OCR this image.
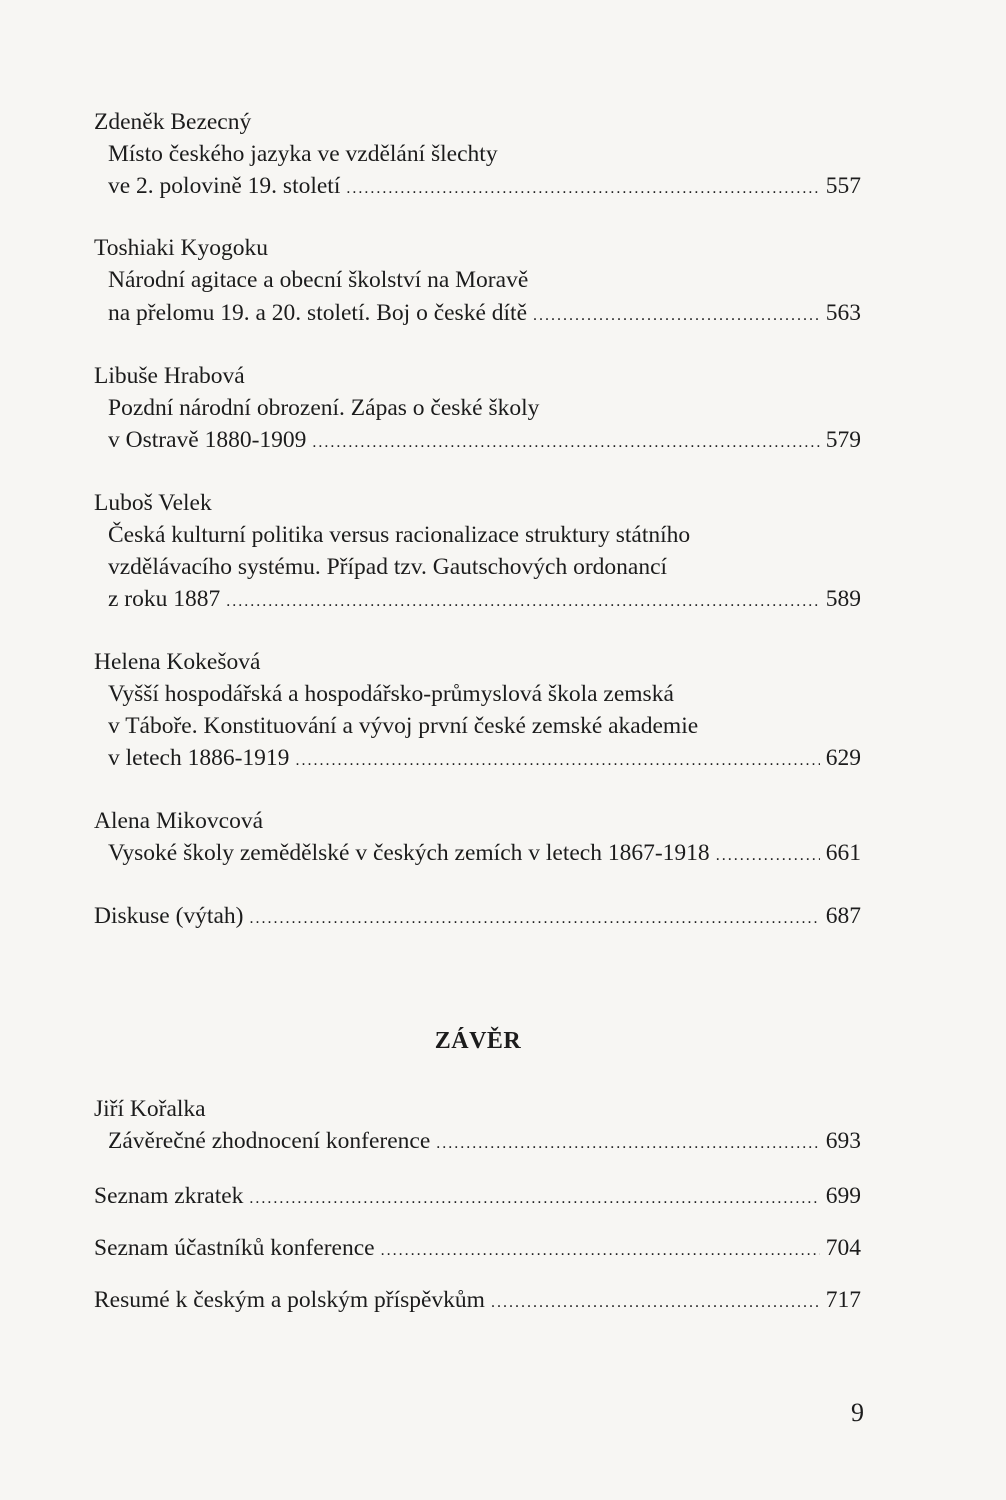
Zdeněk Bezecný
Místo českého jazyka ve vzdělání šlechty
ve 2. polovině 19. století . . .	557
Toshiaki Kyogoku
Národní agitace a obecní školství na Moravě
na přelomu 19. a 20. století. Boj o české dítě . . .	563
Libuše Hrabová
Pozdní národní obrození. Zápas o české školy
v Ostravě 1880-1909 . . .	579
Luboš Velek
Česká kulturní politika versus racionalizace struktury státního
vzdělávacího systému. Případ tzv. Gautschových ordonancí
z roku 1887 . . .	589
Helena Kokešová
Vyšší hospodářská a hospodářsko-průmyslová škola zemská
v Táboře. Konstituování a vývoj první české zemské akademie
v letech 1886-1919 . . .	629
Alena Mikovcová
Vysoké školy zemědělské v českých zemích v letech 1867-1918 . . .	661
Diskuse (výtah) . . .	687
ZÁVĚR
Jiří Kořalka
Závěrečné zhodnocení konference . . .	693
Seznam zkratek . . .	699
Seznam účastníků konference . . .	704
Resumé k českým a polským příspěvkům . . .	717
9
